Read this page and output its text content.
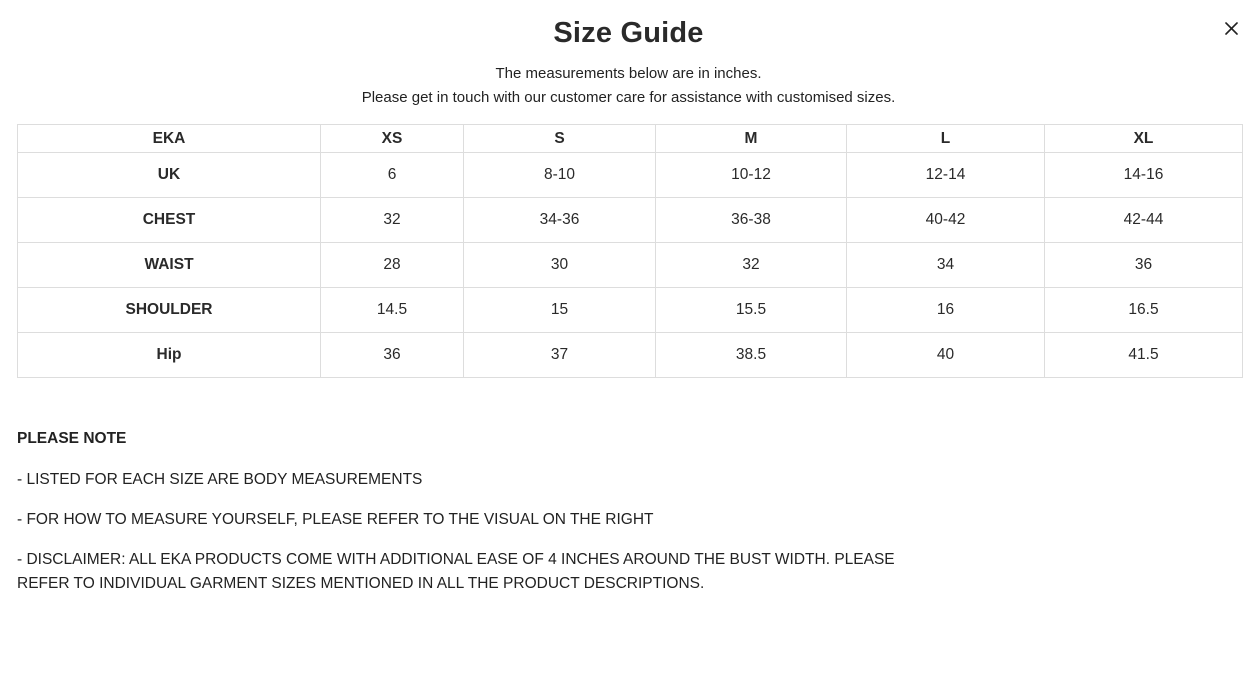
Size Guide
The measurements below are in inches.
Please get in touch with our customer care for assistance with customised sizes.
EKA	XS	S	M	L	XL
UK	6	8-10	10-12	12-14	14-16
CHEST	32	34-36	36-38	40-42	42-44
WAIST	28	30	32	34	36
SHOULDER	14.5	15	15.5	16	16.5
Hip	36	37	38.5	40	41.5
PLEASE NOTE
- LISTED FOR EACH SIZE ARE BODY MEASUREMENTS
- FOR HOW TO MEASURE YOURSELF, PLEASE REFER TO THE VISUAL ON THE RIGHT
- DISCLAIMER: ALL EKA PRODUCTS COME WITH ADDITIONAL EASE OF 4 INCHES AROUND THE BUST WIDTH. PLEASE REFER TO INDIVIDUAL GARMENT SIZES MENTIONED IN ALL THE PRODUCT DESCRIPTIONS.
